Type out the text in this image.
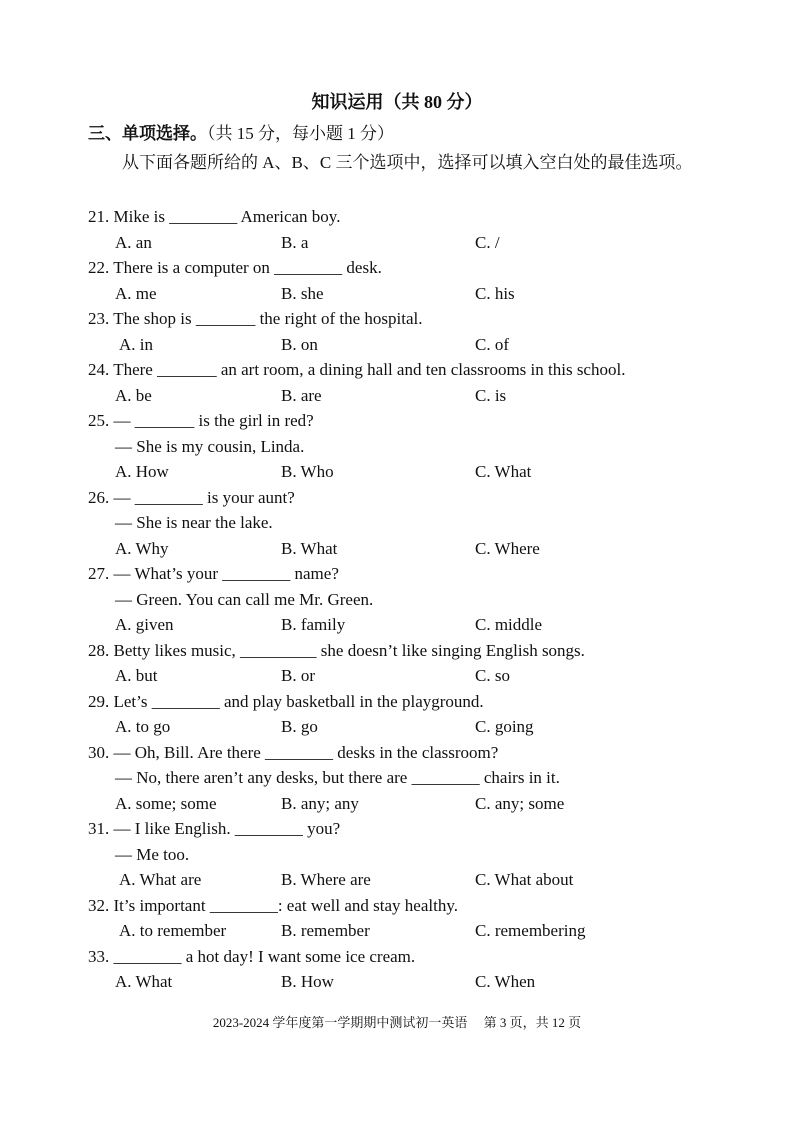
知识运用（共 80 分）
三、单项选择。（共 15 分，每小题 1 分）
从下面各题所给的 A、B、C 三个选项中，选择可以填入空白处的最佳选项。
21. Mike is ________ American boy.
A. an	B. a	C. /
22. There is a computer on ________ desk.
A. me	B. she	C. his
23. The shop is _______ the right of the hospital.
A. in	B. on	C. of
24. There _______ an art room, a dining hall and ten classrooms in this school.
A. be	B. are	C. is
25. — _______ is the girl in red?
— She is my cousin, Linda.
A. How	B. Who	C. What
26. — ________ is your aunt?
— She is near the lake.
A. Why	B. What	C. Where
27. — What’s your ________ name?
— Green. You can call me Mr. Green.
A. given	B. family	C. middle
28. Betty likes music, _________ she doesn’t like singing English songs.
A. but	B. or	C. so
29. Let’s ________ and play basketball in the playground.
A. to go	B. go	C. going
30. — Oh, Bill. Are there ________ desks in the classroom?
— No, there aren’t any desks, but there are ________ chairs in it.
A. some; some	B. any; any	C. any; some
31. — I like English. ________ you?
— Me too.
A. What are	B. Where are	C. What about
32. It’s important ________: eat well and stay healthy.
A. to remember	B. remember	C. remembering
33. ________ a hot day! I want some ice cream.
A. What	B. How	C. When
2023-2024 学年度第一学期期中测试初一英语　 第 3 页，共 12 页
